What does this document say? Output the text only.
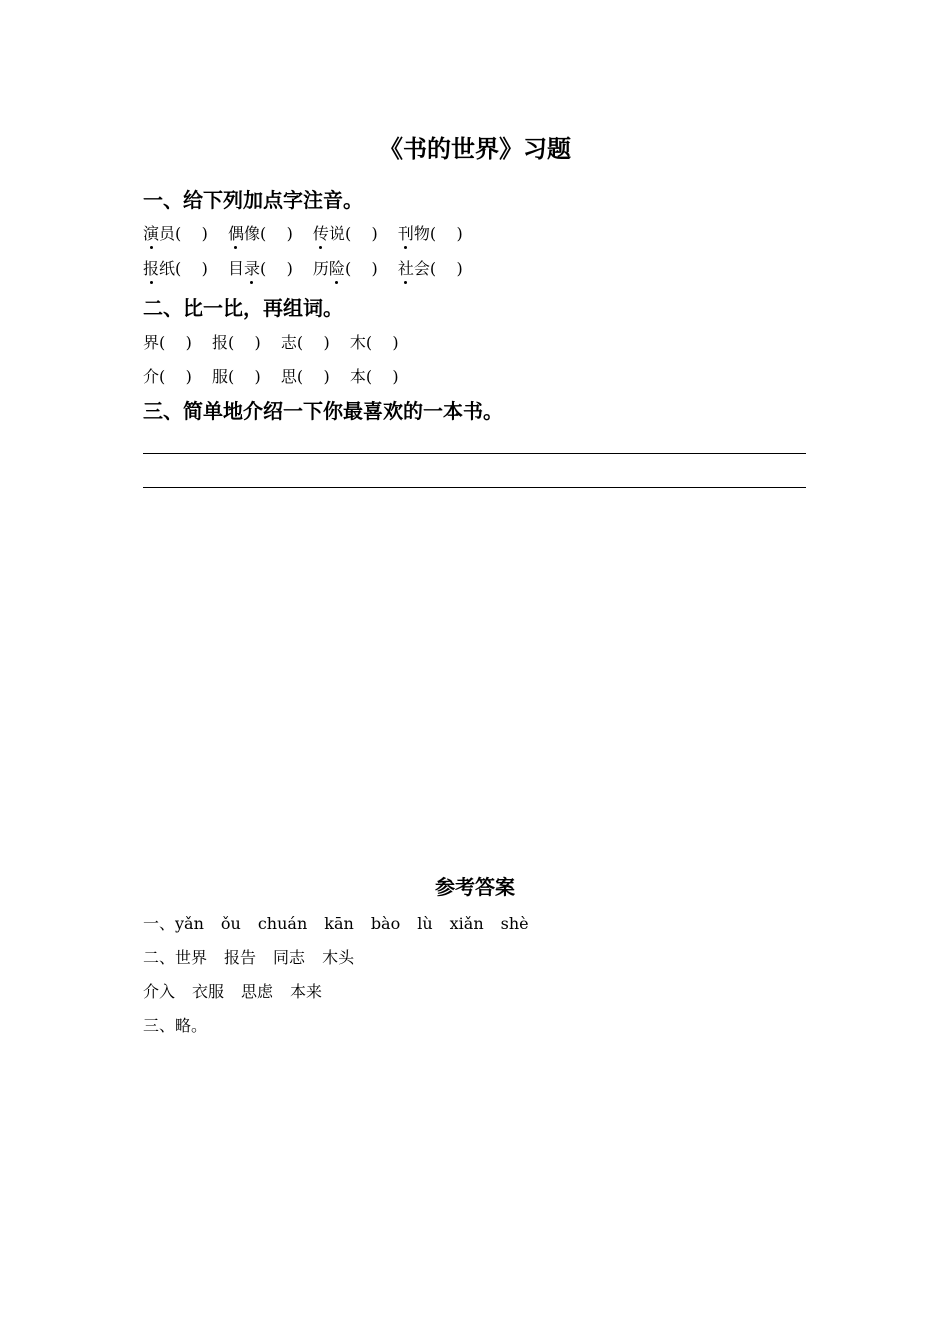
《书的世界》习题
一、给下列加点字注音。
演员(    ) 偶像(    ) 传说(    ) 刊物(    )
报纸(    ) 目录(    ) 历险(    ) 社会(    )
二、比一比，再组词。
界(    ) 报(    ) 志(    ) 木(    )
介(    ) 服(    ) 思(    ) 本(    )
三、简单地介绍一下你最喜欢的一本书。
参考答案
一、yǎn ǒu chuán kān bào lù xiǎn shè
二、世界 报告 同志 木头
介入 衣服 思虑 本来
三、略。
